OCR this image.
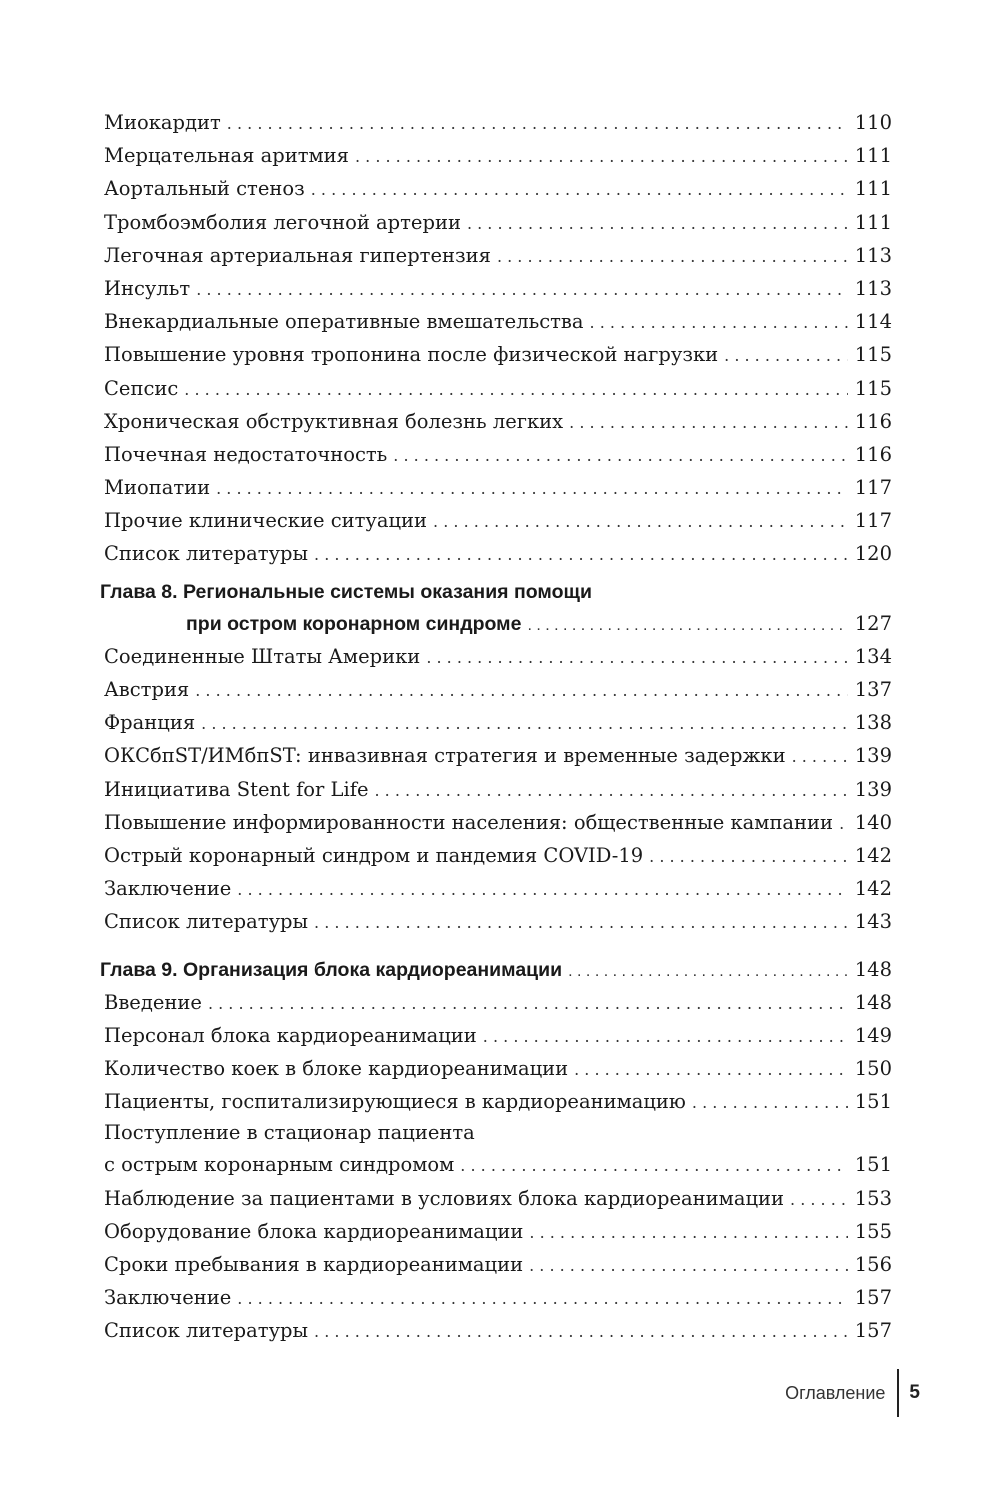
Миокардит . . .	110
Мерцательная аритмия . . .	111
Аортальный стеноз . . .	111
Тромбоэмболия легочной артерии . . .	111
Легочная артериальная гипертензия . . .	113
Инсульт . . .	113
Внекардиальные оперативные вмешательства . . .	114
Повышение уровня тропонина после физической нагрузки . . .	115
Сепсис . . .	115
Хроническая обструктивная болезнь легких . . .	116
Почечная недостаточность . . .	116
Миопатии . . .	117
Прочие клинические ситуации . . .	117
Список литературы . . .	120
Глава 8. Региональные системы оказания помощи
при остром коронарном синдроме . . .	127
Соединенные Штаты Америки . . .	134
Австрия . . .	137
Франция . . .	138
ОКСбпST/ИМбпST: инвазивная стратегия и временные задержки . . .	139
Инициатива Stent for Life . . .	139
Повышение информированности населения: общественные кампании . . . 140
Острый коронарный синдром и пандемия COVID-19 . . .	142
Заключение . . .	142
Список литературы . . .	143
Глава 9. Организация блока кардиореанимации . . .	148
Введение . . .	148
Персонал блока кардиореанимации . . .	149
Количество коек в блоке кардиореанимации . . .	150
Пациенты, госпитализирующиеся в кардиореанимацию . . .	151
Поступление в стационар пациента
с острым коронарным синдромом . . .	151
Наблюдение за пациентами в условиях блока кардиореанимации . . .	153
Оборудование блока кардиореанимации . . .	155
Сроки пребывания в кардиореанимации . . .	156
Заключение . . .	157
Список литературы . . .	157
Оглавление 5
